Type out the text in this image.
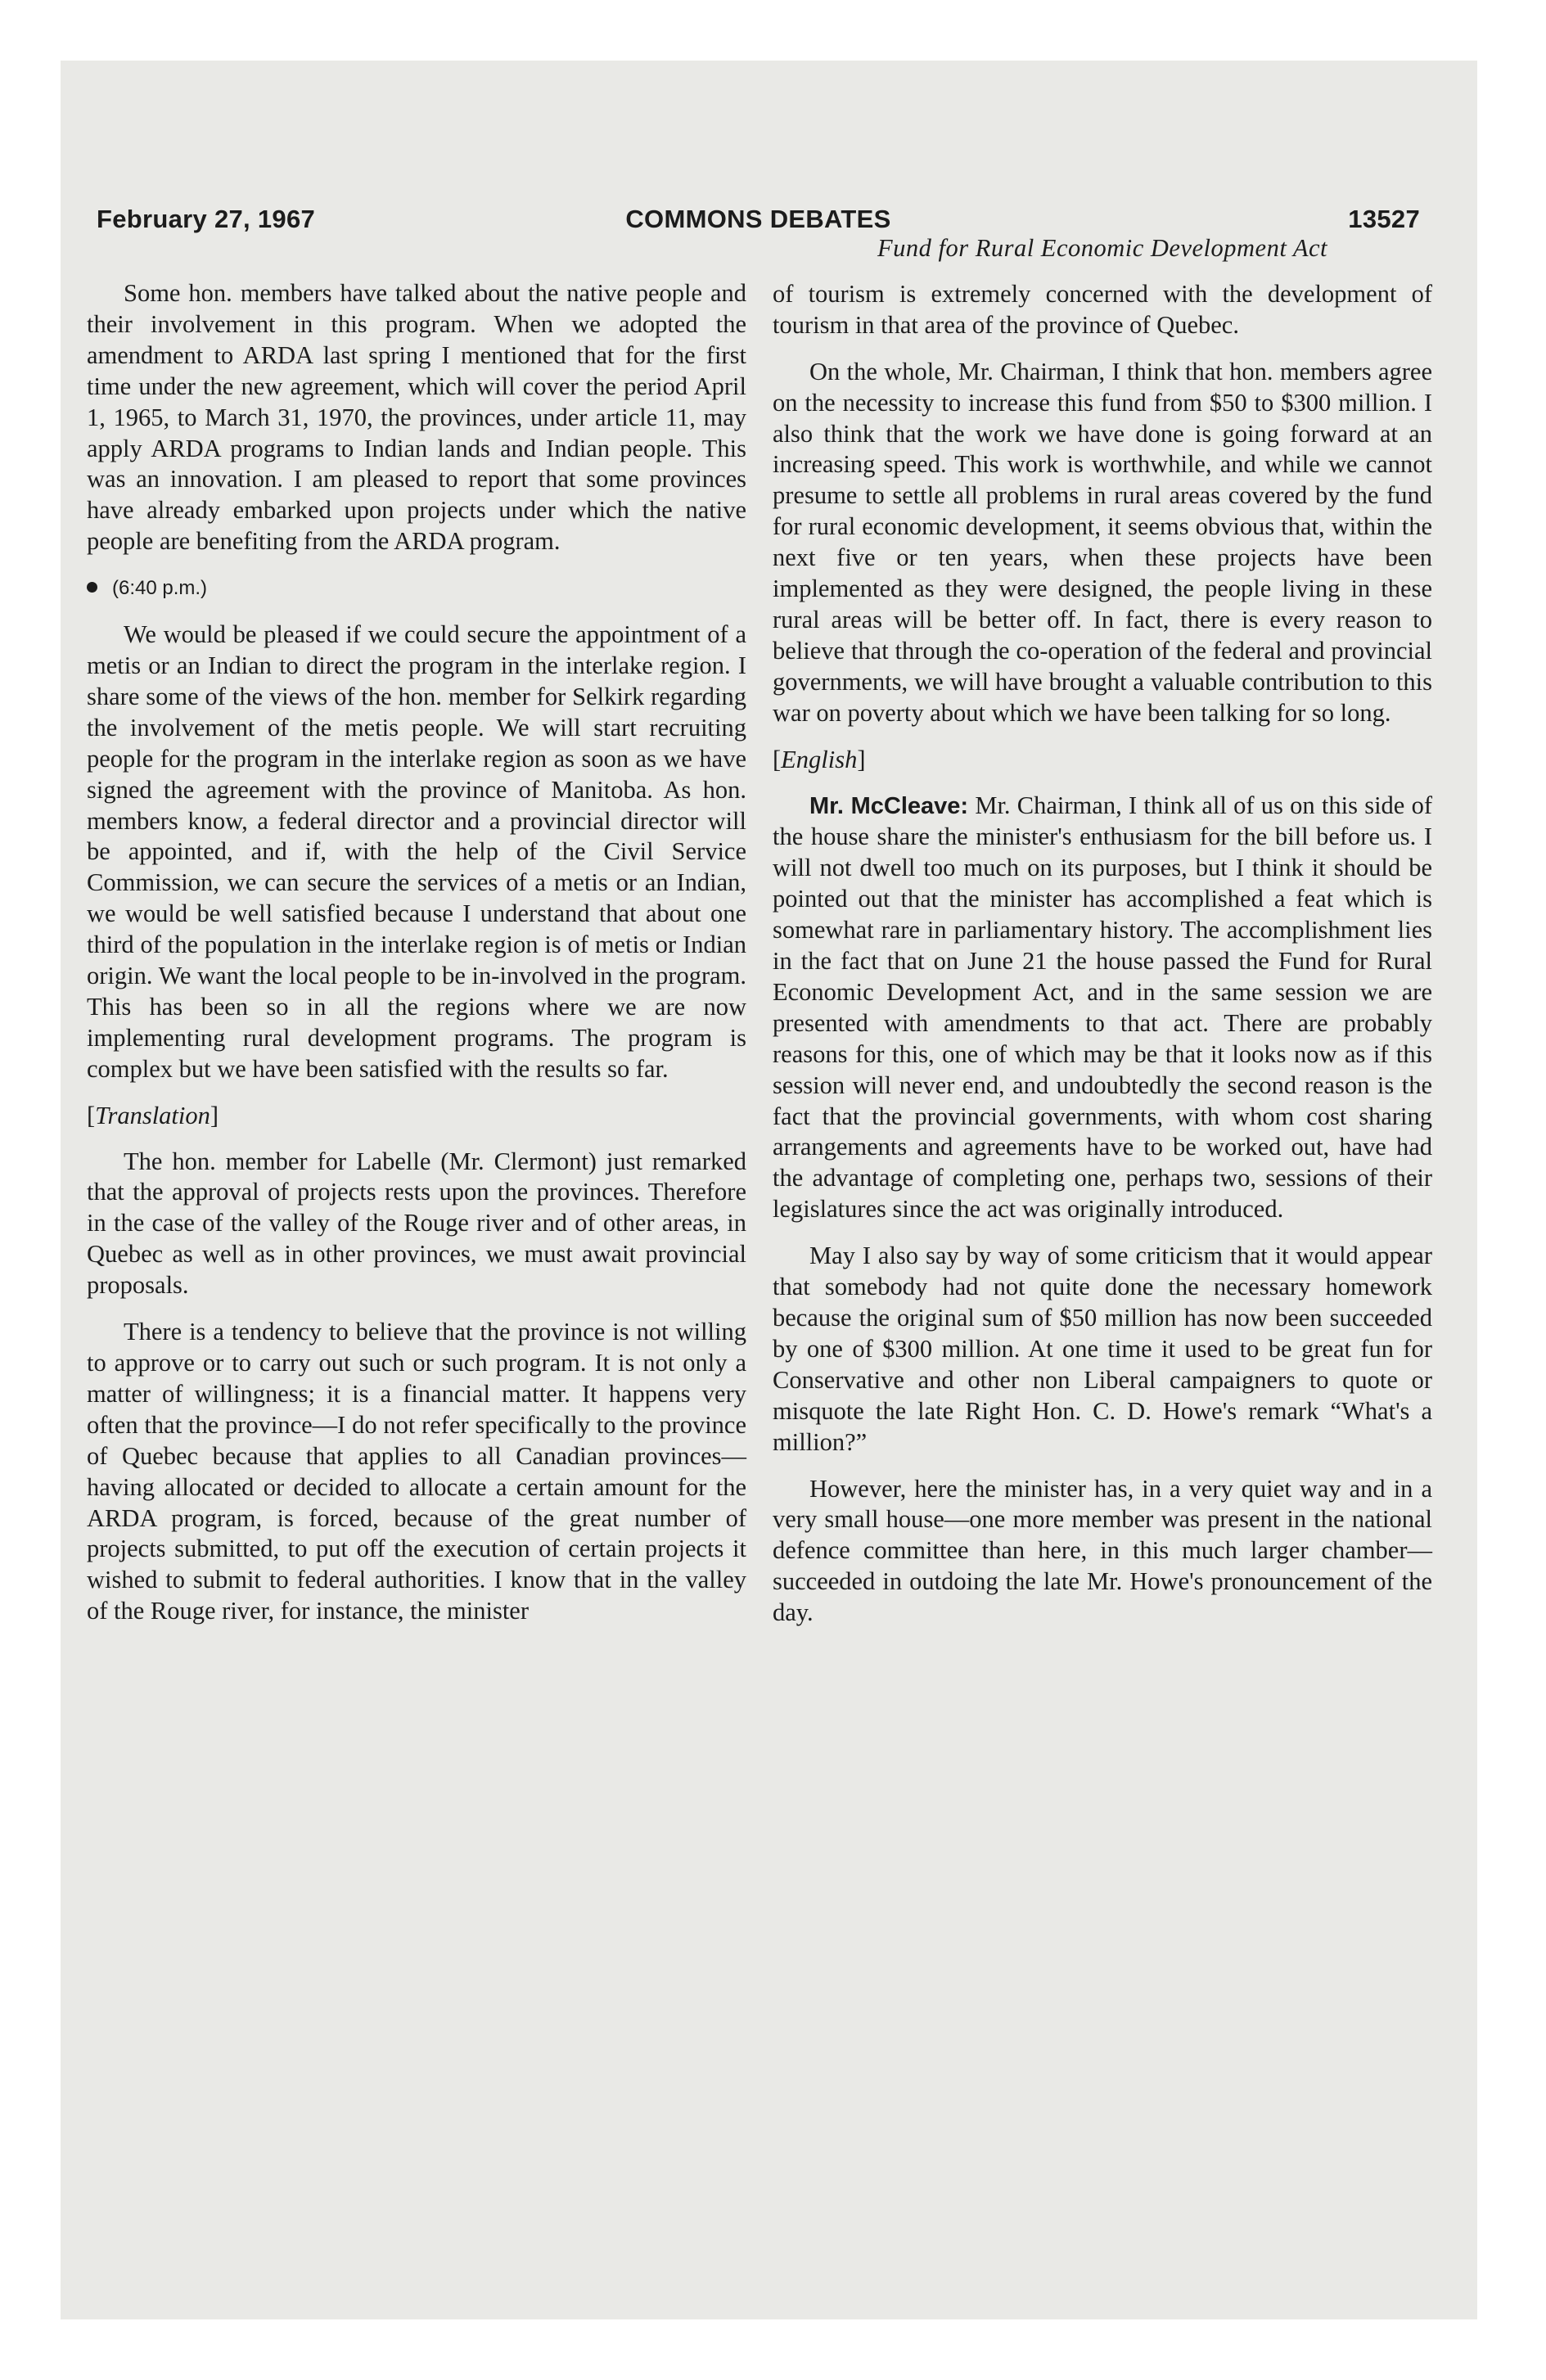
February 27, 1967	COMMONS DEBATES	13527

Some hon. members have talked about the native people and their involvement in this program. When we adopted the amendment to ARDA last spring I mentioned that for the first time under the new agreement, which will cover the period April 1, 1965, to March 31, 1970, the provinces, under article 11, may apply ARDA programs to Indian lands and Indian people. This was an innovation. I am pleased to report that some provinces have already embarked upon projects under which the native people are benefiting from the ARDA program.

(6:40 p.m.)

We would be pleased if we could secure the appointment of a metis or an Indian to direct the program in the interlake region. I share some of the views of the hon. member for Selkirk regarding the involvement of the metis people. We will start recruiting people for the program in the interlake region as soon as we have signed the agreement with the province of Manitoba. As hon. members know, a federal director and a provincial director will be appointed, and if, with the help of the Civil Service Commission, we can secure the services of a metis or an Indian, we would be well satisfied because I understand that about one third of the population in the interlake region is of metis or Indian origin. We want the local people to be in-involved in the program. This has been so in all the regions where we are now implementing rural development programs. The program is complex but we have been satisfied with the results so far.

[Translation]

The hon. member for Labelle (Mr. Clermont) just remarked that the approval of projects rests upon the provinces. Therefore in the case of the valley of the Rouge river and of other areas, in Quebec as well as in other provinces, we must await provincial proposals.

There is a tendency to believe that the province is not willing to approve or to carry out such or such program. It is not only a matter of willingness; it is a financial matter. It happens very often that the province—I do not refer specifically to the province of Quebec because that applies to all Canadian provinces—having allocated or decided to allocate a certain amount for the ARDA program, is forced, because of the great number of projects submitted, to put off the execution of certain projects it wished to submit to federal authorities. I know that in the valley of the Rouge river, for instance, the minister

Fund for Rural Economic Development Act

of tourism is extremely concerned with the development of tourism in that area of the province of Quebec.

On the whole, Mr. Chairman, I think that hon. members agree on the necessity to increase this fund from $50 to $300 million. I also think that the work we have done is going forward at an increasing speed. This work is worthwhile, and while we cannot presume to settle all problems in rural areas covered by the fund for rural economic development, it seems obvious that, within the next five or ten years, when these projects have been implemented as they were designed, the people living in these rural areas will be better off. In fact, there is every reason to believe that through the co-operation of the federal and provincial governments, we will have brought a valuable contribution to this war on poverty about which we have been talking for so long.

[English]

Mr. McCleave: Mr. Chairman, I think all of us on this side of the house share the minister's enthusiasm for the bill before us. I will not dwell too much on its purposes, but I think it should be pointed out that the minister has accomplished a feat which is somewhat rare in parliamentary history. The accomplishment lies in the fact that on June 21 the house passed the Fund for Rural Economic Development Act, and in the same session we are presented with amendments to that act. There are probably reasons for this, one of which may be that it looks now as if this session will never end, and undoubtedly the second reason is the fact that the provincial governments, with whom cost sharing arrangements and agreements have to be worked out, have had the advantage of completing one, perhaps two, sessions of their legislatures since the act was originally introduced.

May I also say by way of some criticism that it would appear that somebody had not quite done the necessary homework because the original sum of $50 million has now been succeeded by one of $300 million. At one time it used to be great fun for Conservative and other non Liberal campaigners to quote or misquote the late Right Hon. C. D. Howe's remark “What's a million?”

However, here the minister has, in a very quiet way and in a very small house—one more member was present in the national defence committee than here, in this much larger chamber—succeeded in outdoing the late Mr. Howe's pronouncement of the day.
